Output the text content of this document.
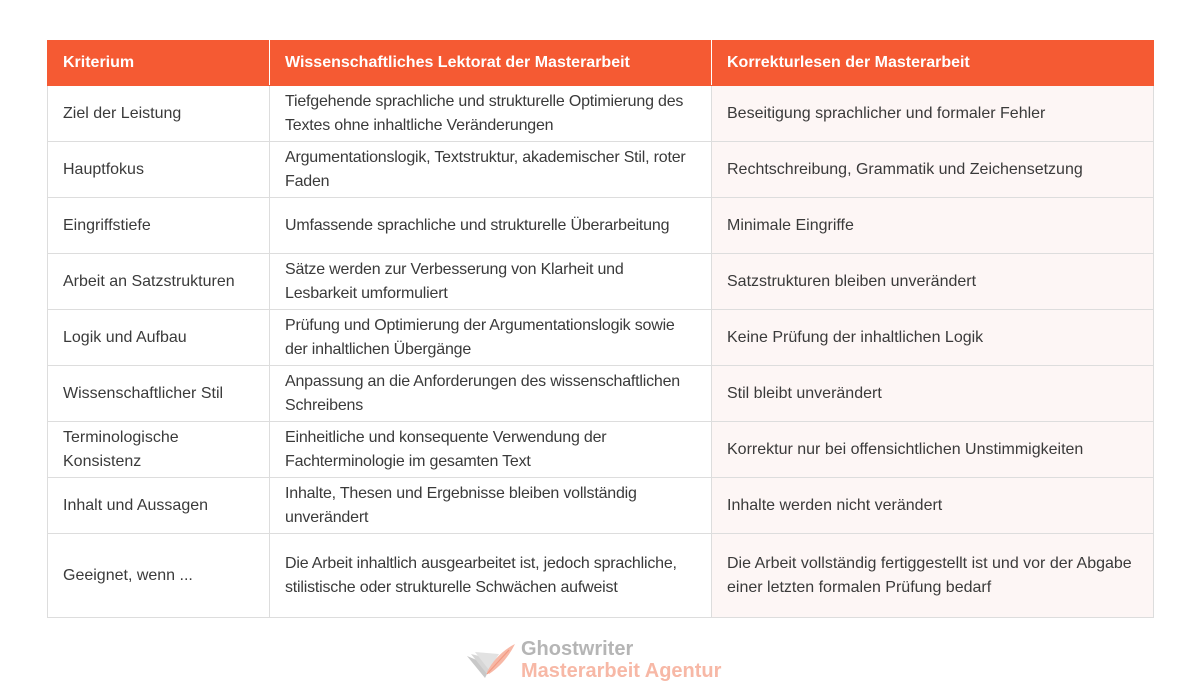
Kriterium	Wissenschaftliches Lektorat der Masterarbeit	Korrekturlesen der Masterarbeit
Ziel der Leistung	Tiefgehende sprachliche und strukturelle Optimierung des Textes ohne inhaltliche Veränderungen	Beseitigung sprachlicher und formaler Fehler
Hauptfokus	Argumentationslogik, Textstruktur, akademischer Stil, roter Faden	Rechtschreibung, Grammatik und Zeichensetzung
Eingriffstiefe	Umfassende sprachliche und strukturelle Überarbeitung	Minimale Eingriffe
Arbeit an Satzstrukturen	Sätze werden zur Verbesserung von Klarheit und Lesbarkeit umformuliert	Satzstrukturen bleiben unverändert
Logik und Aufbau	Prüfung und Optimierung der Argumentationslogik sowie der inhaltlichen Übergänge	Keine Prüfung der inhaltlichen Logik
Wissenschaftlicher Stil	Anpassung an die Anforderungen des wissenschaftlichen Schreibens	Stil bleibt unverändert
Terminologische Konsistenz	Einheitliche und konsequente Verwendung der Fachterminologie im gesamten Text	Korrektur nur bei offensichtlichen Unstimmigkeiten
Inhalt und Aussagen	Inhalte, Thesen und Ergebnisse bleiben vollständig unverändert	Inhalte werden nicht verändert
Geeignet, wenn ...	Die Arbeit inhaltlich ausgearbeitet ist, jedoch sprachliche, stilistische oder strukturelle Schwächen aufweist	Die Arbeit vollständig fertiggestellt ist und vor der Abgabe einer letzten formalen Prüfung bedarf
Ghostwriter
Masterarbeit Agentur
